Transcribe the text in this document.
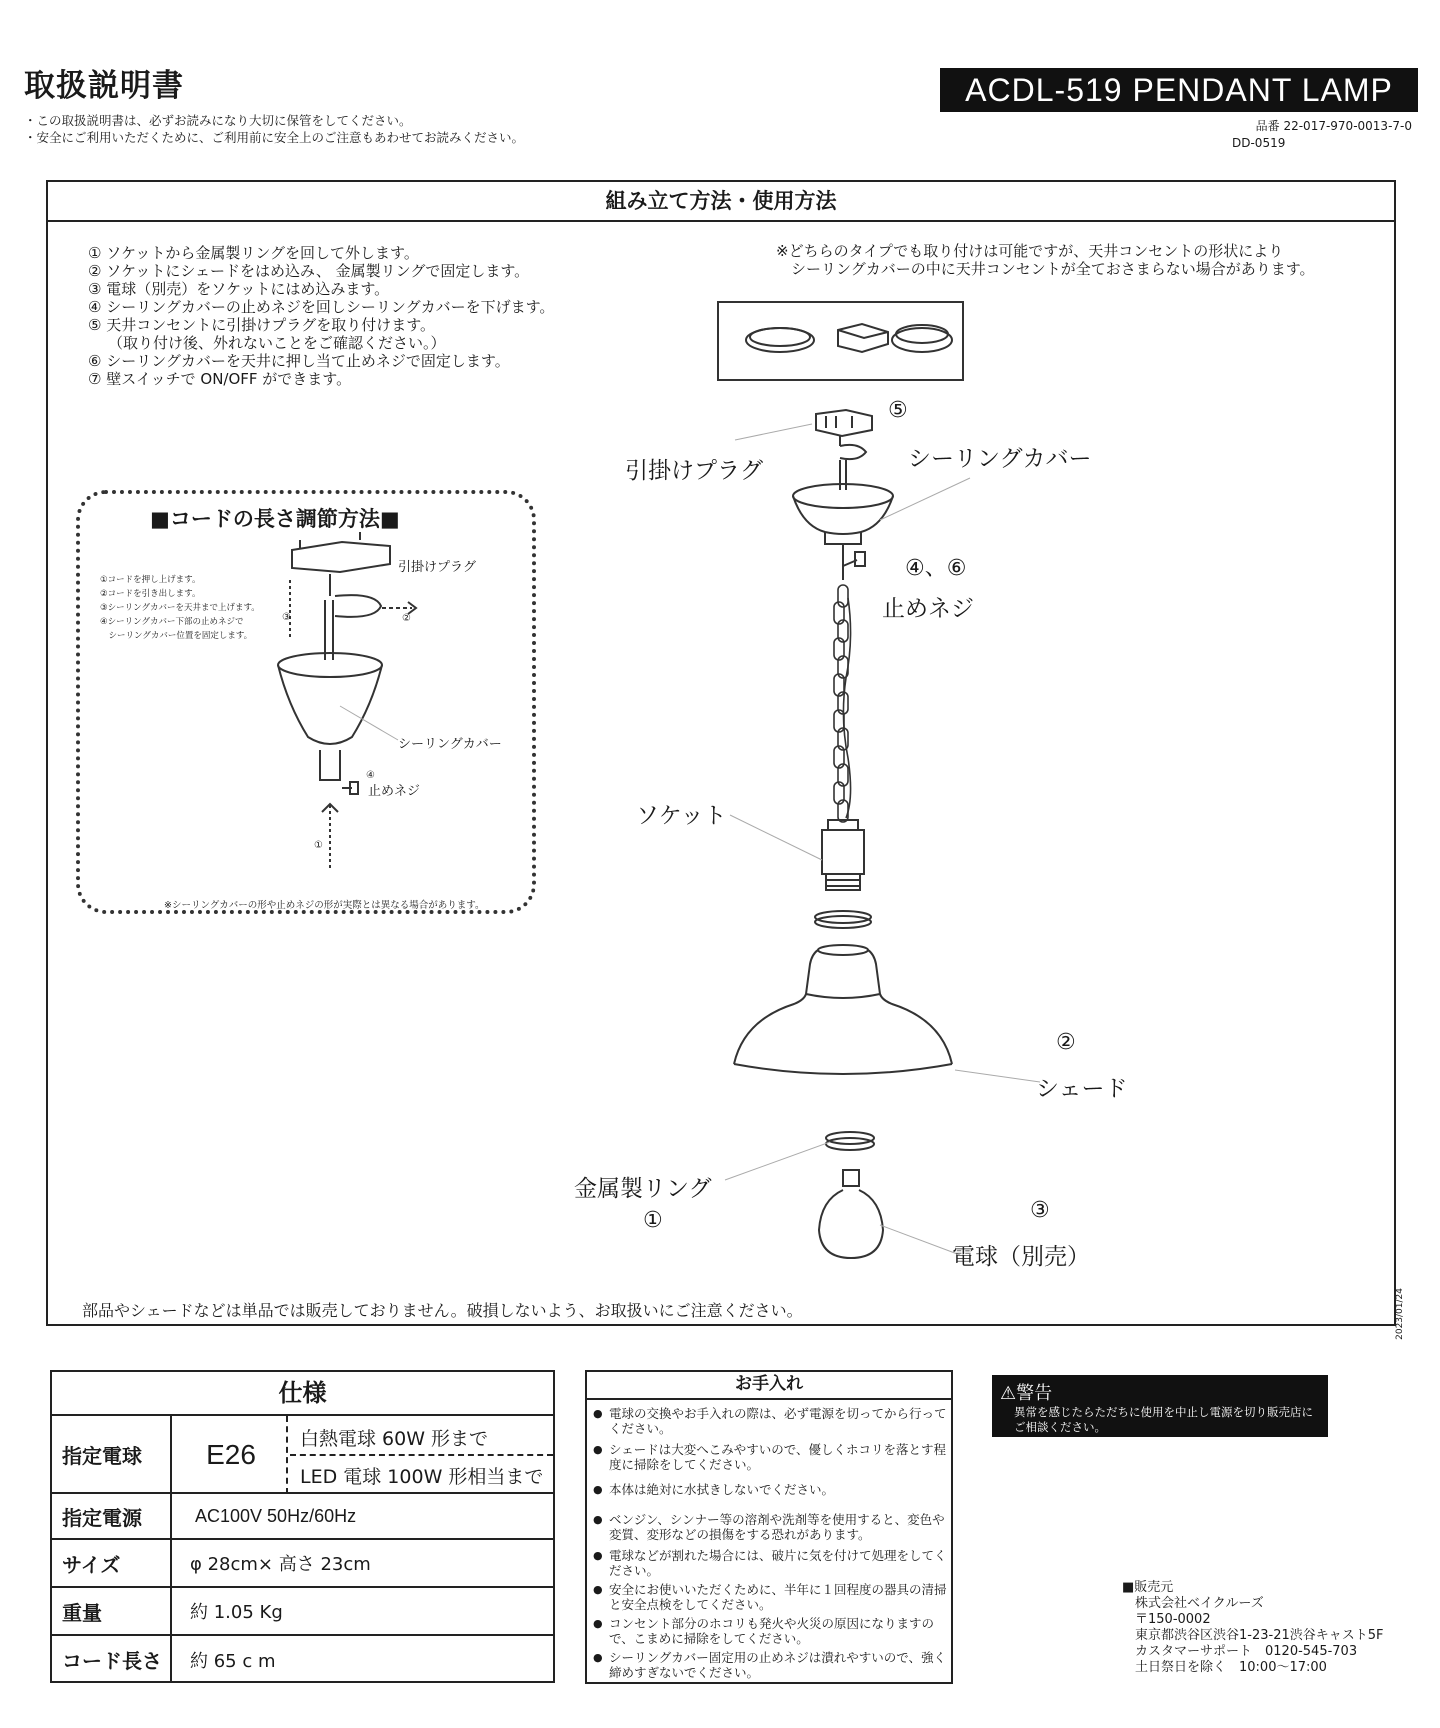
取扱説明書
・この取扱説明書は、必ずお読みになり大切に保管をしてください。
・安全にご利用いただくために、ご利用前に安全上のご注意もあわせてお読みください。
ACDL-519 PENDANT LAMP
品番 22-017-970-0013-7-0
DD-0519
組み立て方法・使用方法
① ソケットから金属製リングを回して外します。
② ソケットにシェードをはめ込み、 金属製リングで固定します。
③ 電球（別売）をソケットにはめ込みます。
④ シーリングカバーの止めネジを回しシーリングカバーを下げます。
⑤ 天井コンセントに引掛けプラグを取り付けます。
（取り付け後、外れないことをご確認ください。）
⑥ シーリングカバーを天井に押し当て止めネジで固定します。
⑦ 壁スイッチで ON/OFF ができます。
※どちらのタイプでも取り付けは可能ですが、天井コンセントの形状により
　シーリングカバーの中に天井コンセントが全ておさまらない場合があります。
⑤
引掛けプラグ	シーリングカバー
④、⑥
止めネジ
ソケット
②
シェード
金属製リング
①	③
電球（別売）
部品やシェードなどは単品では販売しておりません。破損しないよう、お取扱いにご注意ください。	2023/01/24
■コードの長さ調節方法■
①コードを押し上げます。
②コードを引き出します。
③シーリングカバーを天井まで上げます。
④シーリングカバー下部の止めネジで
　シーリングカバー位置を固定します。
引掛けプラグ
シーリングカバー
止めネジ
④
③	②
①
※シーリングカバーの形や止めネジの形が実際とは異なる場合があります。
仕様
指定電球	E26	白熱電球 60W 形まで
LED 電球 100W 形相当まで
指定電源	AC100V 50Hz/60Hz
サイズ	φ 28cm× 高さ 23cm
重量	約 1.05 Kg
コード長さ	約 65 c m
お手入れ
● 電球の交換やお手入れの際は、必ず電源を切ってから行ってください。
● シェードは大変へこみやすいので、優しくホコリを落とす程度に掃除をしてください。
● 本体は絶対に水拭きしないでください。
● ベンジン、シンナー等の溶剤や洗剤等を使用すると、変色や変質、変形などの損傷をする恐れがあります。
● 電球などが割れた場合には、破片に気を付けて処理をしてください。
● 安全にお使いいただくために、半年に１回程度の器具の清掃と安全点検をしてください。
● コンセント部分のホコリも発火や火災の原因になりますので、こまめに掃除をしてください。
● シーリングカバー固定用の止めネジは潰れやすいので、強く締めすぎないでください。
⚠警告
異常を感じたらただちに使用を中止し電源を切り販売店にご相談ください。
■販売元
　株式会社ベイクルーズ
　〒150-0002
　東京都渋谷区渋谷1-23-21渋谷キャスト5F
　カスタマーサポート　0120-545-703
　土日祭日を除く　10:00〜17:00
